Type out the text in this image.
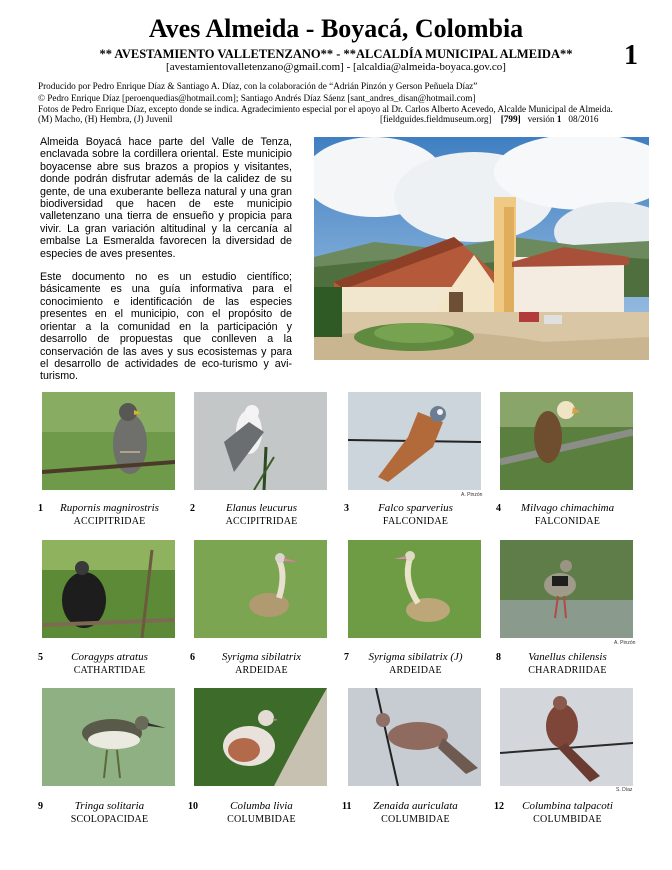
Aves Almeida - Boyacá, Colombia
** AVESTAMIENTO VALLETENZANO** - **ALCALDÍA MUNICIPAL ALMEIDA**
[avestamientovalletenzano@gmail.com] - [alcaldia@almeida-boyaca.gov.co]	1
Producido por Pedro Enrique Díaz & Santiago A. Díaz, con la colaboración de “Adrián Pinzón y Gerson Peñuela Díaz”
© Pedro Enrique Díaz [peroenquedias@hotmail.com]; Santiago Andrés Díaz Sáenz [sant_andres_disan@hotmail.com]
Fotos de Pedro Enrique Díaz, excepto donde se indica. Agradecimiento especial por el apoyo al Dr. Carlos Alberto Acevedo, Alcalde Municipal de Almeida.
(M) Macho, (H) Hembra, (J) Juvenil	[fieldguides.fieldmuseum.org] [799] versión 1 08/2016

Almeida Boyacá hace parte del Valle de Tenza, enclavada sobre la cordillera oriental. Este municipio boyacense abre sus brazos a propios y visitantes, donde podrán disfrutar además de la calidez de su gente, de una exuberante belleza natural y una gran biodiversidad que hacen de este municipio valletenzano una tierra de ensueño y propicia para vivir. La gran variación altitudinal y la cercanía al embalse La Esmeralda favorecen la diversidad de especies de aves presentes.

Este documento no es un estudio científico; básicamente es una guía informativa para el conocimiento e identificación de las especies presentes en el municipio, con el propósito de orientar a la comunidad en la participación y desarrollo de propuestas que conlleven a la conservación de las aves y sus ecosistemas y para el desarrollo de actividades de eco-turismo y avi-turismo.

A. Pinzón
1	Rupornis magnirostris
ACCIPITRIDAE
2	Elanus leucurus
ACCIPITRIDAE
3	Falco sparverius
FALCONIDAE
4	Milvago chimachima
FALCONIDAE
A. Pinzón
5	Coragyps atratus
CATHARTIDAE
6	Syrigma sibilatrix
ARDEIDAE
7	Syrigma sibilatrix (J)
ARDEIDAE
8	Vanellus chilensis
CHARADRIIDAE
S. Díaz
9	Tringa solitaria
SCOLOPACIDAE
10	Columba livia
COLUMBIDAE
11	Zenaida auriculata
COLUMBIDAE
12	Columbina talpacoti
COLUMBIDAE
